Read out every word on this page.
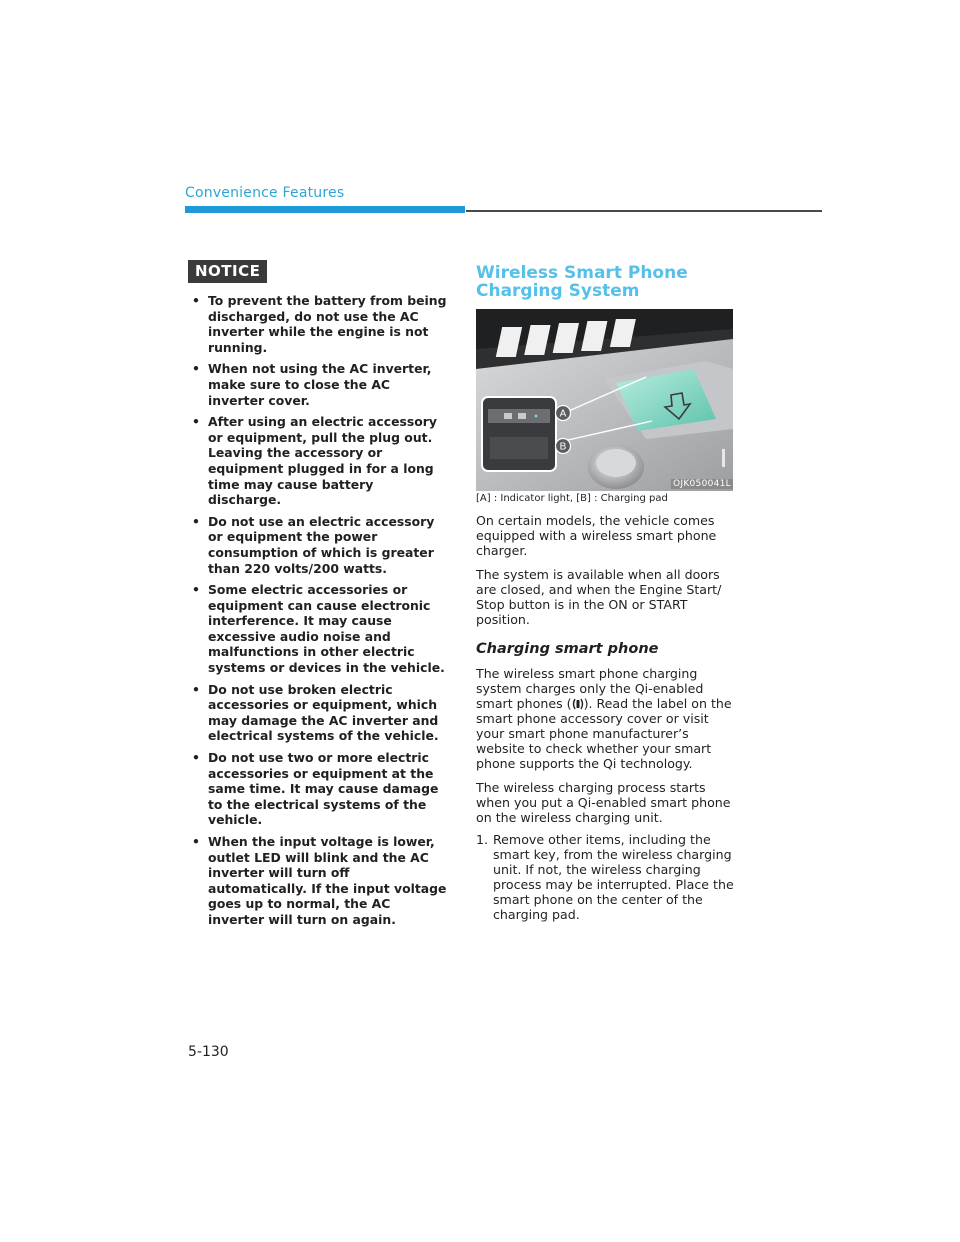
Convenience Features
NOTICE
• To prevent the battery from being discharged, do not use the AC inverter while the engine is not running.
• When not using the AC inverter, make sure to close the AC inverter cover.
• After using an electric accessory or equipment, pull the plug out. Leaving the accessory or equipment plugged in for a long time may cause battery discharge.
• Do not use an electric accessory or equipment the power consumption of which is greater than 220 volts/200 watts.
• Some electric accessories or equipment can cause electronic interference. It may cause excessive audio noise and malfunctions in other electric systems or devices in the vehicle.
• Do not use broken electric accessories or equipment, which may damage the AC inverter and electrical systems of the vehicle.
• Do not use two or more electric accessories or equipment at the same time. It may cause damage to the electrical systems of the vehicle.
• When the input voltage is lower, outlet LED will blink and the AC inverter will turn off automatically. If the input voltage goes up to normal, the AC inverter will turn on again.
Wireless Smart Phone Charging System
A
B
OJK050041L
[A] : Indicator light, [B] : Charging pad

On certain models, the vehicle comes equipped with a wireless smart phone charger.

The system is available when all doors are closed, and when the Engine Start/ Stop button is in the ON or START position.

Charging smart phone

The wireless smart phone charging system charges only the Qi-enabled smart phones ( ). Read the label on the smart phone accessory cover or visit your smart phone manufacturer’s website to check whether your smart phone supports the Qi technology.

The wireless charging process starts when you put a Qi-enabled smart phone on the wireless charging unit.

1. Remove other items, including the smart key, from the wireless charging unit. If not, the wireless charging process may be interrupted. Place the smart phone on the center of the charging pad.
5-130
